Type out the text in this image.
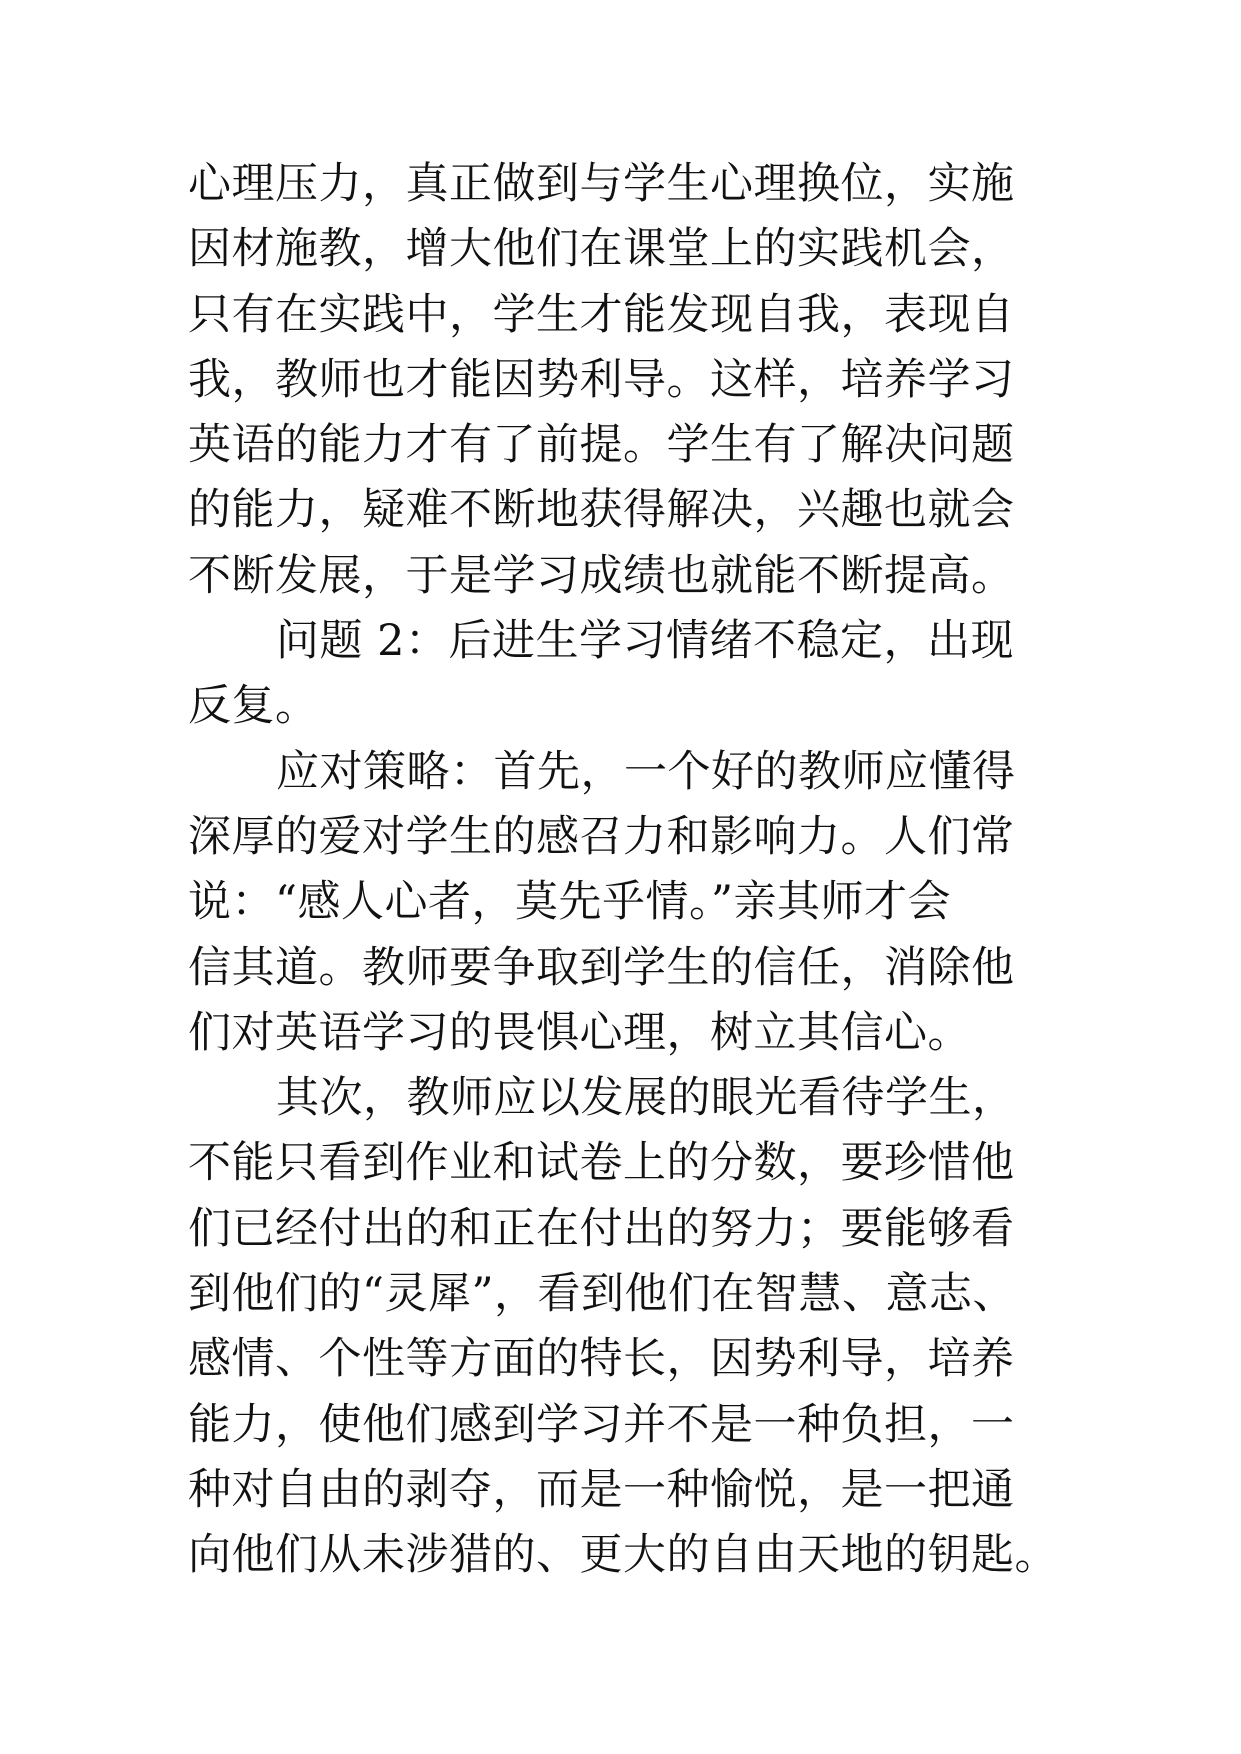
心理压力，真正做到与学生心理换位，实施
因材施教，增大他们在课堂上的实践机会，
只有在实践中，学生才能发现自我，表现自
我，教师也才能因势利导。这样，培养学习
英语的能力才有了前提。学生有了解决问题
的能力，疑难不断地获得解决，兴趣也就会
不断发展，于是学习成绩也就能不断提高。
问题 2：后进生学习情绪不稳定，出现
反复。
应对策略：首先，一个好的教师应懂得
深厚的爱对学生的感召力和影响力。人们常
说：“感人心者，莫先乎情。”亲其师才会
信其道。教师要争取到学生的信任，消除他
们对英语学习的畏惧心理，树立其信心。
其次，教师应以发展的眼光看待学生，
不能只看到作业和试卷上的分数，要珍惜他
们已经付出的和正在付出的努力；要能够看
到他们的“灵犀”，看到他们在智慧、意志、
感情、个性等方面的特长，因势利导，培养
能力，使他们感到学习并不是一种负担，一
种对自由的剥夺，而是一种愉悦，是一把通
向他们从未涉猎的、更大的自由天地的钥匙。
